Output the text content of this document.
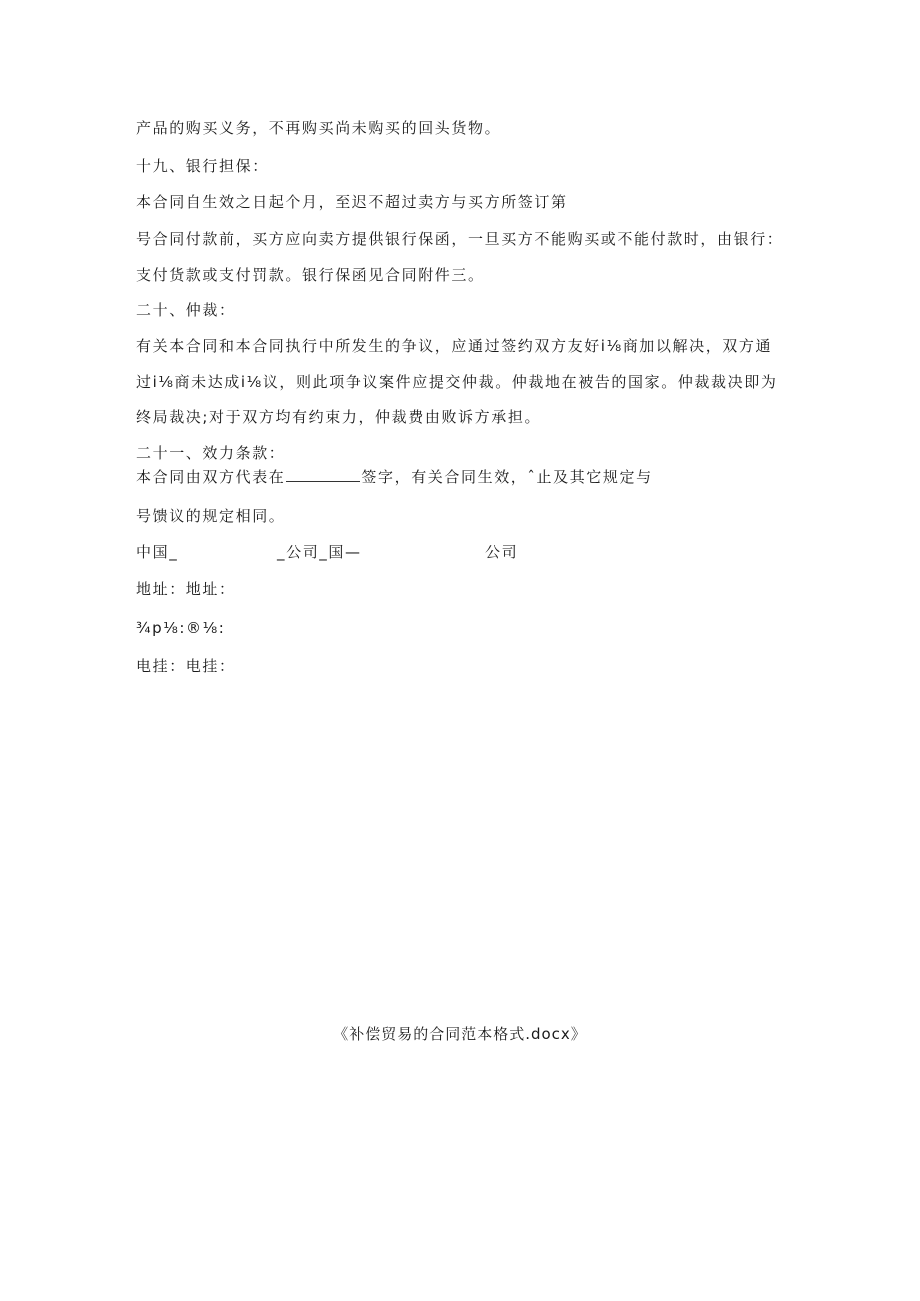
产品的购买义务，不再购买尚未购买的回头货物。
十九、银行担保：
本合同自生效之日起个月，至迟不超过卖方与买方所签订第
号合同付款前，买方应向卖方提供银行保函，一旦买方不能购买或不能付款时，由银行：
支付货款或支付罚款。银行保函见合同附件三。
二十、仲裁：
有关本合同和本合同执行中所发生的争议，应通过签约双方友好i⅛商加以解决，双方通
过i⅛商未达成i⅛议，则此项争议案件应提交仲裁。仲裁地在被告的国家。仲裁裁决即为
终局裁决;对于双方均有约束力，仲裁费由败诉方承担。
二十一、效力条款：
本合同由双方代表在	签字，有关合同生效，ˆ止及其它规定与
号馈议的规定相同。
中国_	_公司_国—	公司
地址：地址：
¾p⅛:®⅛:
电挂：电挂：
《补偿贸易的合同范本格式.docx》
